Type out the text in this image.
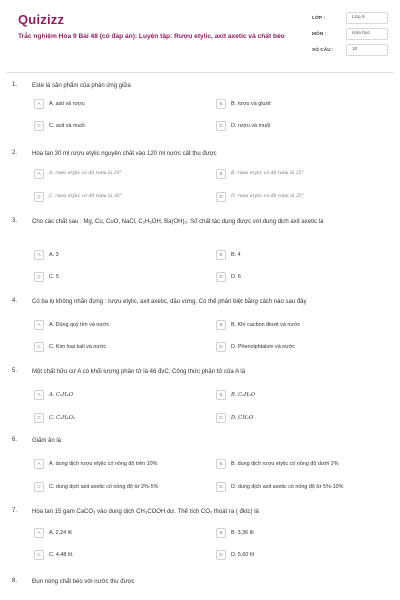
Quizizz
Trắc nghiệm Hóa 9 Bài 48 (có đáp án): Luyện tập: Rượu etylic, axit axetic và chất béo
LỚP :	Lớp 9
MÔN :	Hóa học
SỐ CÂU :	10
1. Este là sản phẩm của phản ứng giữa
A	A. axit và rượu	B	B. rượu và gluxit
C	C. axit và muối	D	D. rượu và muối
2. Hòa tan 30 ml rượu etylic nguyên chất vào 120 ml nước cất thu được
A	A. rượu etylic có độ rượu là 20°	B	B. rượu etylic có độ rượu là 25°
C	C. rượu etylic có độ rượu là 30°	D	D. rượu etylic có độ rượu là 35°
3. Cho các chất sau : Mg, Cu, CuO, NaCl, C₂H₅OH, Ba(OH)₂. Số chất tác dụng được với dung dịch axit axetic là
A	A. 3	B	B. 4
C	C. 5	D	D. 6
4. Có ba lọ không nhãn đựng : rượu etylic, axit axetic, dầu vừng. Có thể phân biệt bằng cách nào sau đây
A	A. Dùng quỳ tím và nước	B	B. Khí cacbon đioxit và nước
C	C. Kim loại kali và nước	D	D. Phenolphtalein và nước
5. Một chất hữu cơ A có khối lượng phân tử là 46 đvC. Công thức phân tử của A là
A	A. C₂H₄O	B	B. C₂H₆O
C	C. C₂H₄O₂	D	D. CH₂O
6. Giấm ăn là
A	A. dung dịch rượu etylic có nồng độ trên 10%	B	B. dung dịch rượu etylic có nồng độ dưới 2%
C	C. dung dịch axit axetic có nồng độ từ 2%-5%	D	D. dung dịch axit axetic có nồng độ từ 5%-10%
7. Hòa tan 15 gam CaCO₃ vào dung dịch CH₃COOH dư. Thể tích CO₂ thoát ra ( đktc) là
A	A. 2,24 lít	B	B. 3,36 lít
C	C. 4,48 lít.	D	D. 5,60 lít
8. Đun nóng chất béo với nước thu được
